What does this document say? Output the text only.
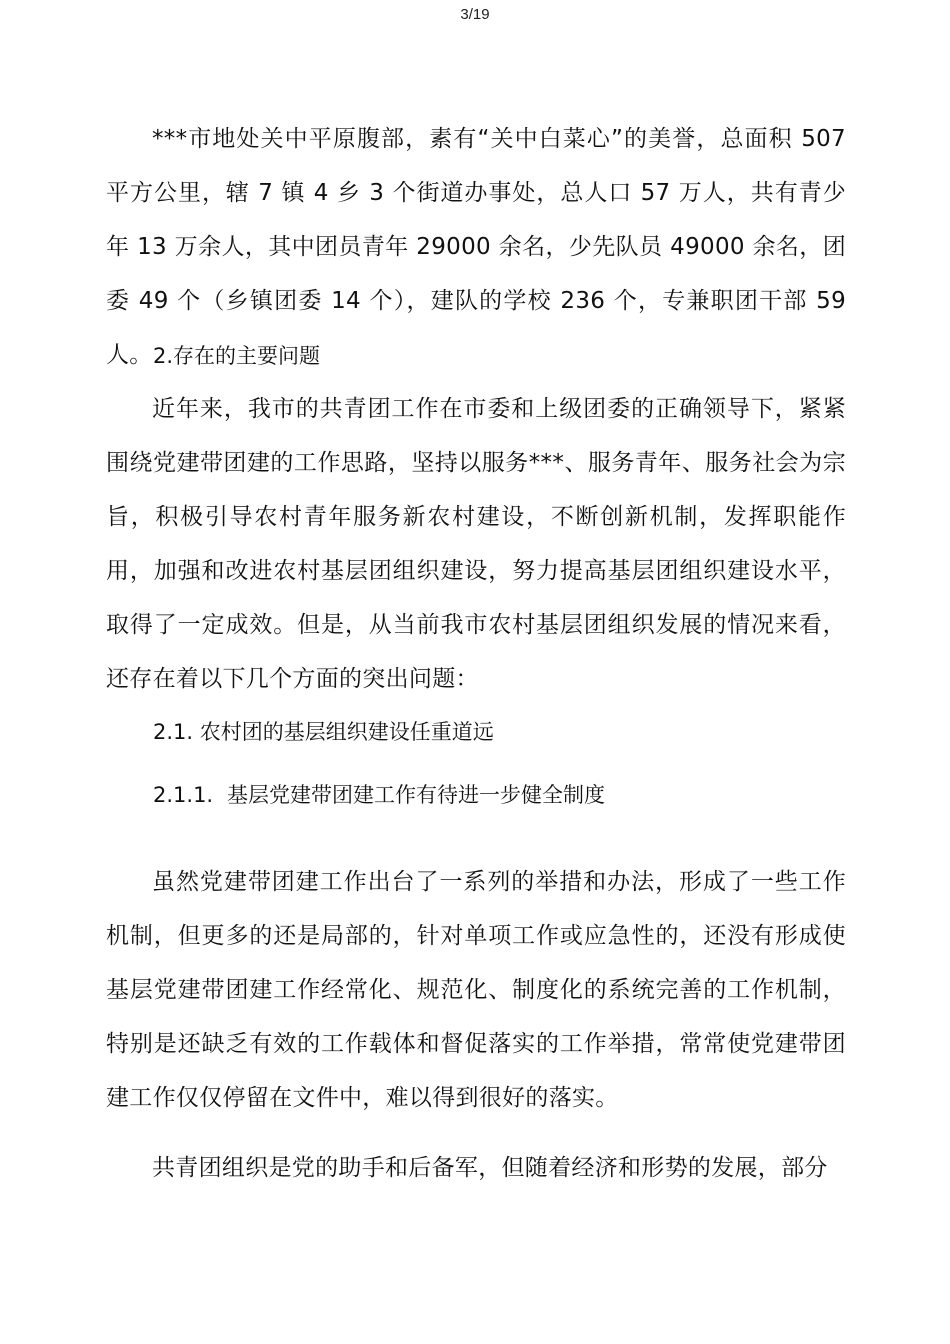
3/19

***市地处关中平原腹部，素有“关中白菜心”的美誉，总面积 507 平方公里，辖 7 镇 4 乡 3 个街道办事处，总人口 57 万人，共有青少年 13 万余人，其中团员青年 29000 余名，少先队员 49000 余名，团委 49 个（乡镇团委 14 个），建队的学校 236 个，专兼职团干部 59 人。 2.存在的主要问题

近年来，我市的共青团工作在市委和上级团委的正确领导下，紧紧围绕党建带团建的工作思路，坚持以服务***、服务青年、服务社会为宗旨，积极引导农村青年服务新农村建设，不断创新机制，发挥职能作用，加强和改进农村基层团组织建设，努力提高基层团组织建设水平，取得了一定成效。但是，从当前我市农村基层团组织发展的情况来看，还存在着以下几个方面的突出问题：

2.1. 农村团的基层组织建设任重道远
2.1.1. 基层党建带团建工作有待进一步健全制度

虽然党建带团建工作出台了一系列的举措和办法，形成了一些工作机制，但更多的还是局部的，针对单项工作或应急性的，还没有形成使基层党建带团建工作经常化、规范化、制度化的系统完善的工作机制，特别是还缺乏有效的工作载体和督促落实的工作举措，常常使党建带团建工作仅仅停留在文件中，难以得到很好的落实。

共青团组织是党的助手和后备军，但随着经济和形势的发展，部分
